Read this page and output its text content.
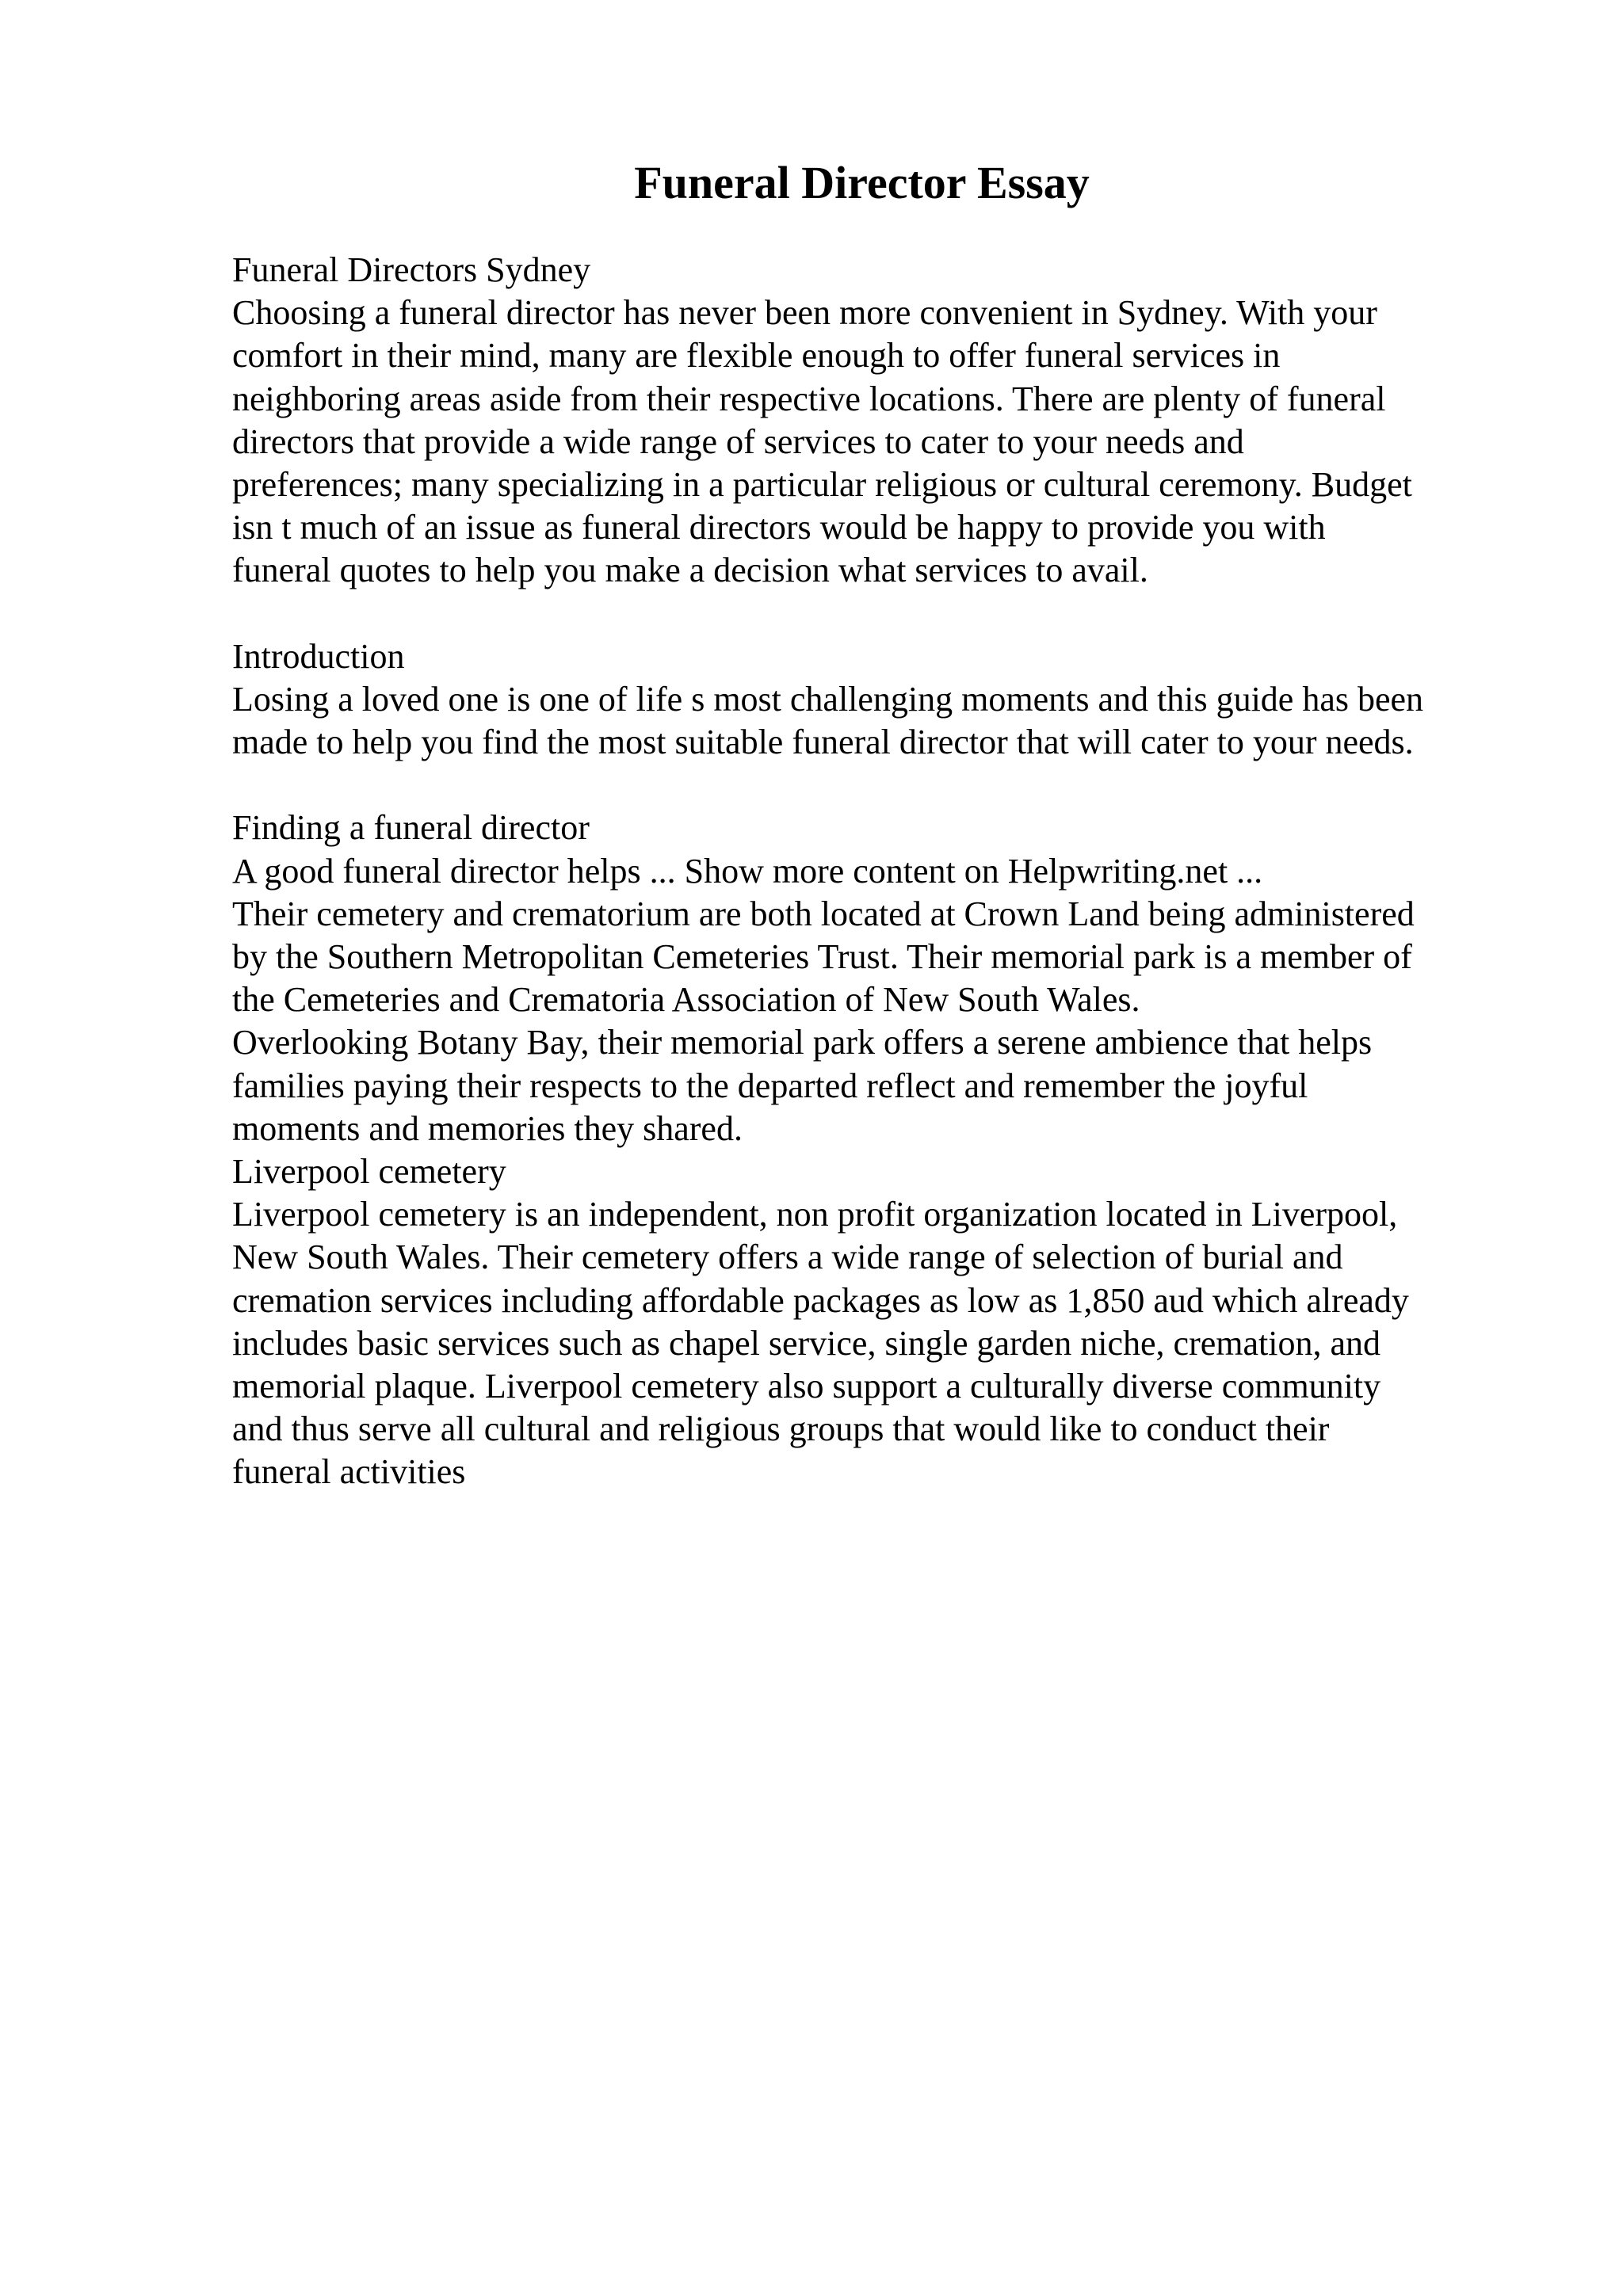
Funeral Director Essay
Funeral Directors Sydney
Choosing a funeral director has never been more convenient in Sydney. With your
comfort in their mind, many are flexible enough to offer funeral services in
neighboring areas aside from their respective locations. There are plenty of funeral
directors that provide a wide range of services to cater to your needs and
preferences; many specializing in a particular religious or cultural ceremony. Budget
isn t much of an issue as funeral directors would be happy to provide you with
funeral quotes to help you make a decision what services to avail.
Introduction
Losing a loved one is one of life s most challenging moments and this guide has been
made to help you find the most suitable funeral director that will cater to your needs.
Finding a funeral director
A good funeral director helps ... Show more content on Helpwriting.net ...
Their cemetery and crematorium are both located at Crown Land being administered
by the Southern Metropolitan Cemeteries Trust. Their memorial park is a member of
the Cemeteries and Crematoria Association of New South Wales.
Overlooking Botany Bay, their memorial park offers a serene ambience that helps
families paying their respects to the departed reflect and remember the joyful
moments and memories they shared.
Liverpool cemetery
Liverpool cemetery is an independent, non profit organization located in Liverpool,
New South Wales. Their cemetery offers a wide range of selection of burial and
cremation services including affordable packages as low as 1,850 aud which already
includes basic services such as chapel service, single garden niche, cremation, and
memorial plaque. Liverpool cemetery also support a culturally diverse community
and thus serve all cultural and religious groups that would like to conduct their
funeral activities
